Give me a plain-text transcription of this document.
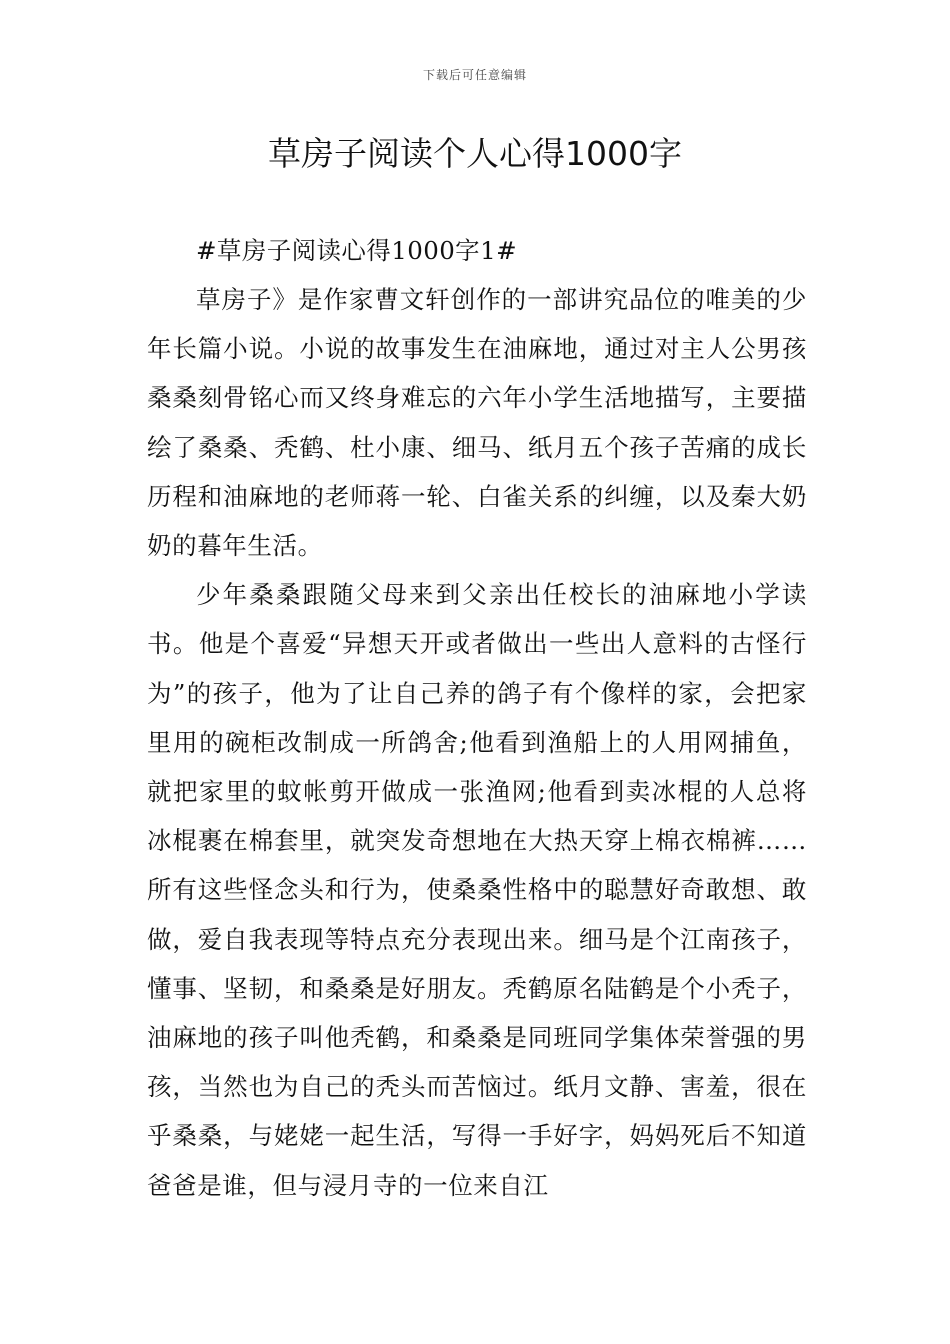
下载后可任意编辑
草房子阅读个人心得1000字

#草房子阅读心得1000字1#

草房子》是作家曹文轩创作的一部讲究品位的唯美的少年长篇小说。小说的故事发生在油麻地，通过对主人公男孩桑桑刻骨铭心而又终身难忘的六年小学生活地描写，主要描绘了桑桑、秃鹤、杜小康、细马、纸月五个孩子苦痛的成长历程和油麻地的老师蒋一轮、白雀关系的纠缠，以及秦大奶奶的暮年生活。

少年桑桑跟随父母来到父亲出任校长的油麻地小学读书。他是个喜爱“异想天开或者做出一些出人意料的古怪行为”的孩子，他为了让自己养的鸽子有个像样的家，会把家里用的碗柜改制成一所鸽舍;他看到渔船上的人用网捕鱼，就把家里的蚊帐剪开做成一张渔网;他看到卖冰棍的人总将冰棍裹在棉套里，就突发奇想地在大热天穿上棉衣棉裤……所有这些怪念头和行为，使桑桑性格中的聪慧好奇敢想、敢做，爱自我表现等特点充分表现出来。细马是个江南孩子，懂事、坚韧，和桑桑是好朋友。秃鹤原名陆鹤是个小秃子，油麻地的孩子叫他秃鹤，和桑桑是同班同学集体荣誉强的男孩，当然也为自己的秃头而苦恼过。纸月文静、害羞，很在乎桑桑，与姥姥一起生活，写得一手好字，妈妈死后不知道爸爸是谁，但与浸月寺的一位来自江
